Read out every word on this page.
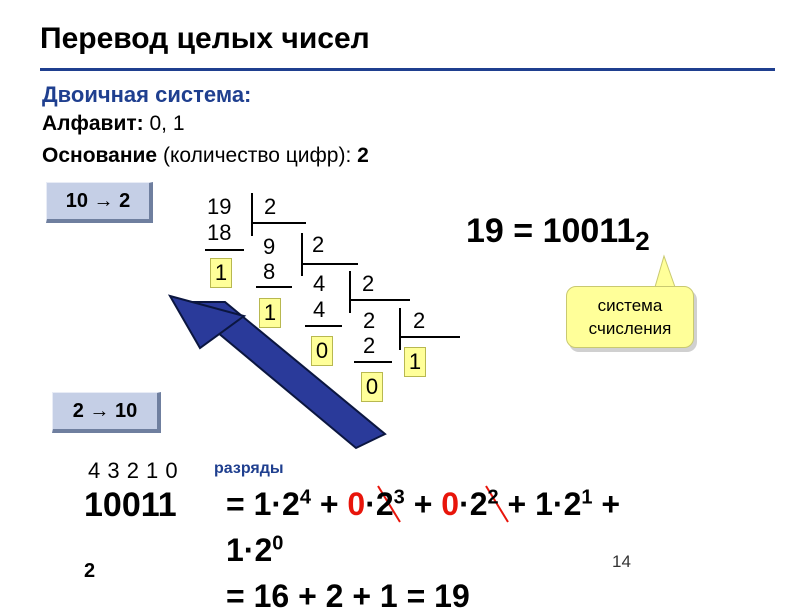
Перевод целых чисел
Двоичная система:
Алфавит: 0, 1
Основание (количество цифр): 2
10 → 2
2 → 10
19 2
18
1
9 2
8
1
4 2
4
0
2 2
2
0
1
$19 = 10011_2$
система
счисления
4 3 2 1 0 разряды
10011
2
= $1\cdot 2^4 + 0\cdot 2^3 + 0\cdot 2^2 + 1\cdot 2^1$ +
$1\cdot 2^0$
= 16 + 2 + 1 = 19
14
